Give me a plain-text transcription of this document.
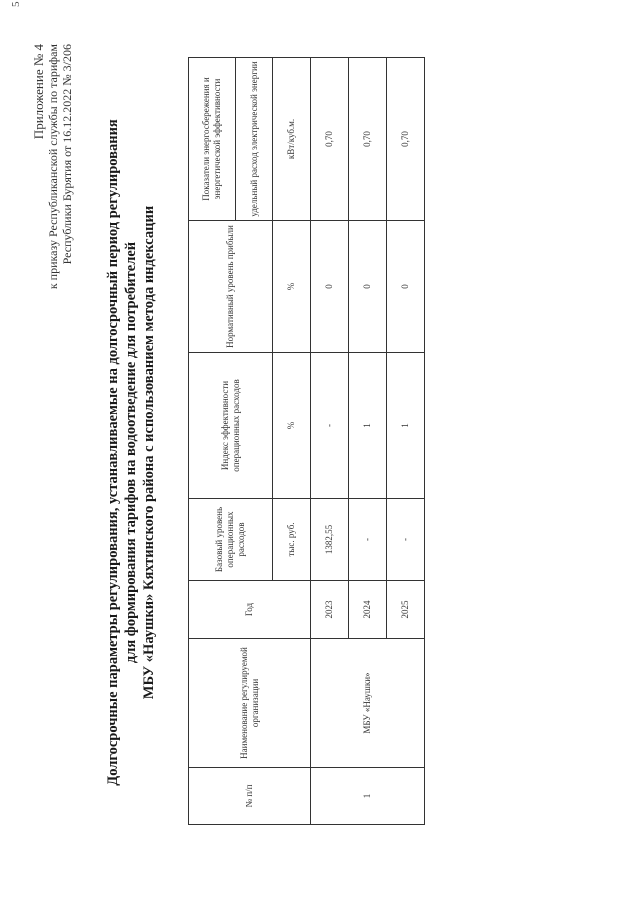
Приложение № 4 к приказу Республиканской службы по тарифам Республики Бурятия от 16.12.2022 № 3/206 Долгосрочные параметры регулирования, устанавливаемые на долгосрочный период регулирования для формирования тарифов на водоотведение для потребителей МБУ «Наушки» Кяхтинского района с использованием метода индексации
№ п/п	Наименование регулируемой организации	Год	Базовый уровень операционных расходов	Индекс эффективности операционных расходов	Нормативный уровень прибыли	Показатели энергосбережения и энергетической эффективности
						удельный расход электрической энергии
			тыс. руб.	%	%	кВт/куб.м.
1	МБУ «Наушки»	2023	1382,55	-	0	0,70
		2024	-	1	0	0,70
		2025	-	1	0	0,70
5
